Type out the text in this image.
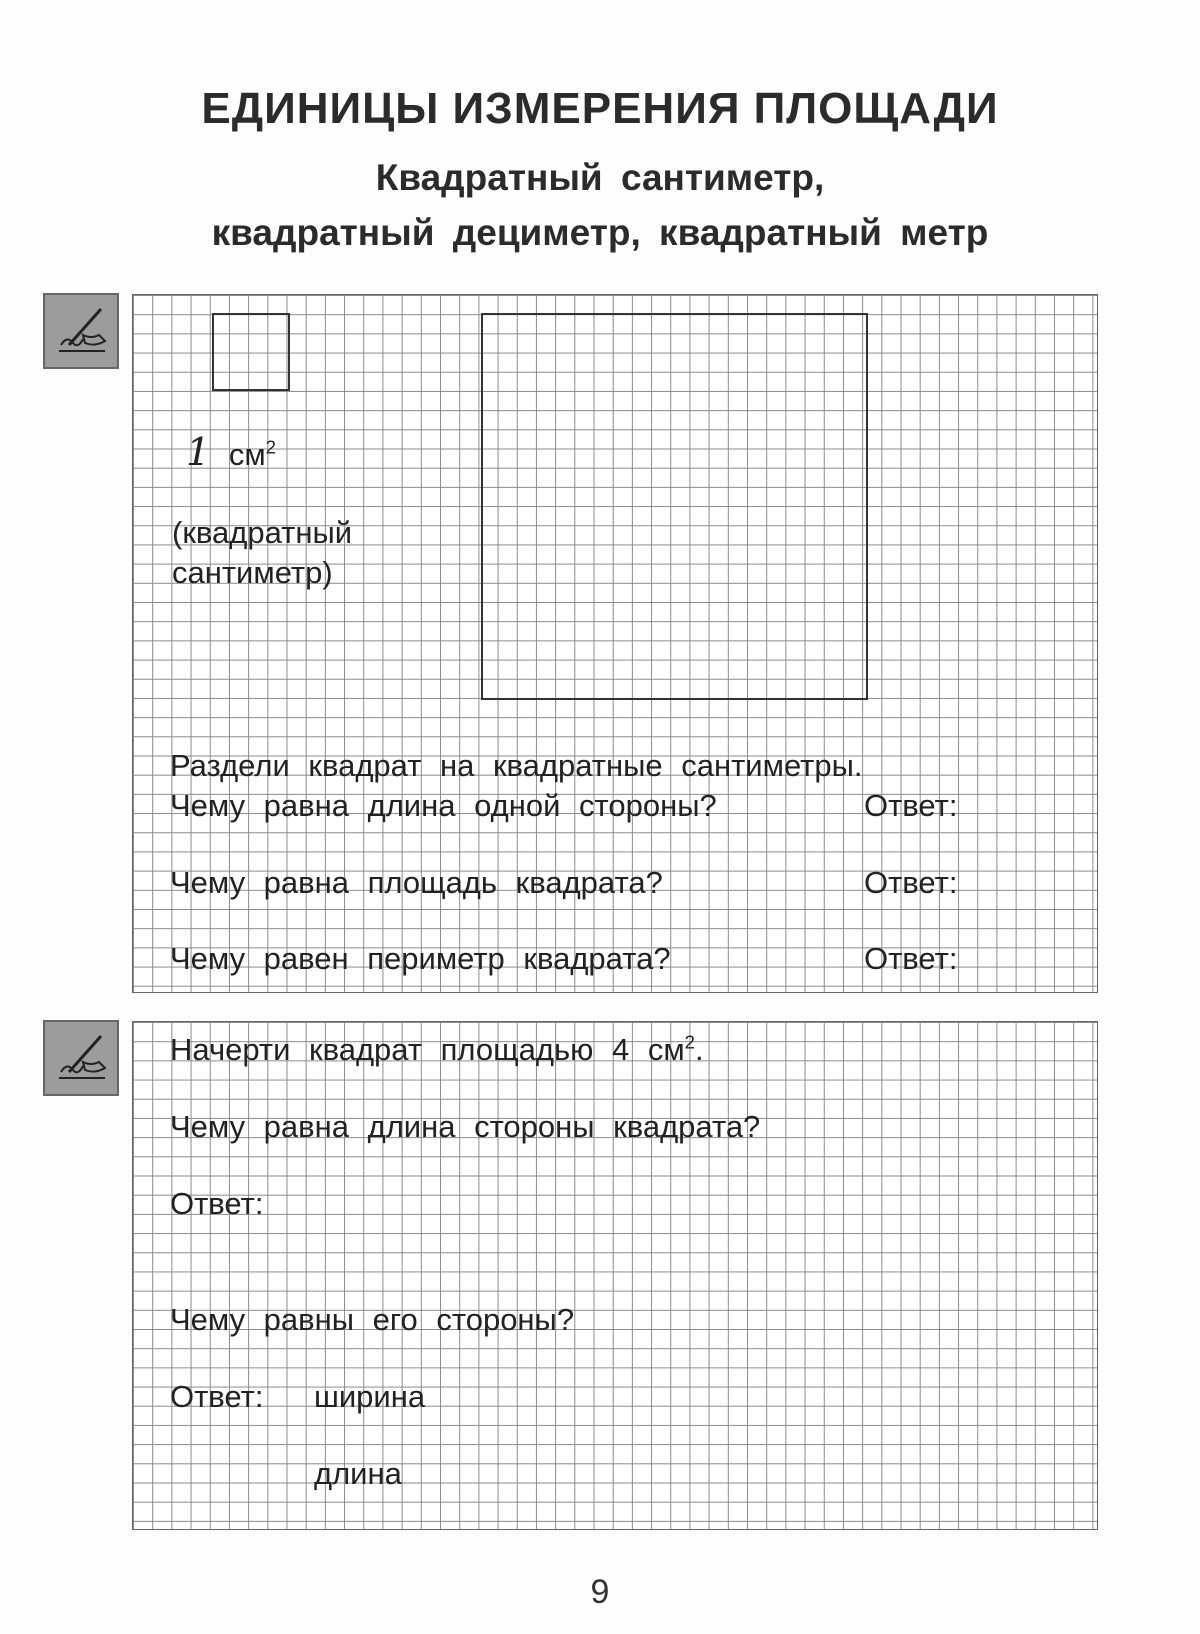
ЕДИНИЦЫ ИЗМЕРЕНИЯ ПЛОЩАДИ
Квадратный сантиметр,
квадратный дециметр, квадратный метр
1 $см^2$
(квадратный
сантиметр)
Раздели квадрат на квадратные сантиметры.
Чему равна длина одной стороны?	Ответ:
Чему равна площадь квадрата?	Ответ:
Чему равен периметр квадрата?	Ответ:
Начерти квадрат площадью 4 $см^2$.
Чему равна длина стороны квадрата?
Ответ:
Чему равны его стороны?
Ответ: ширина
длина
9
